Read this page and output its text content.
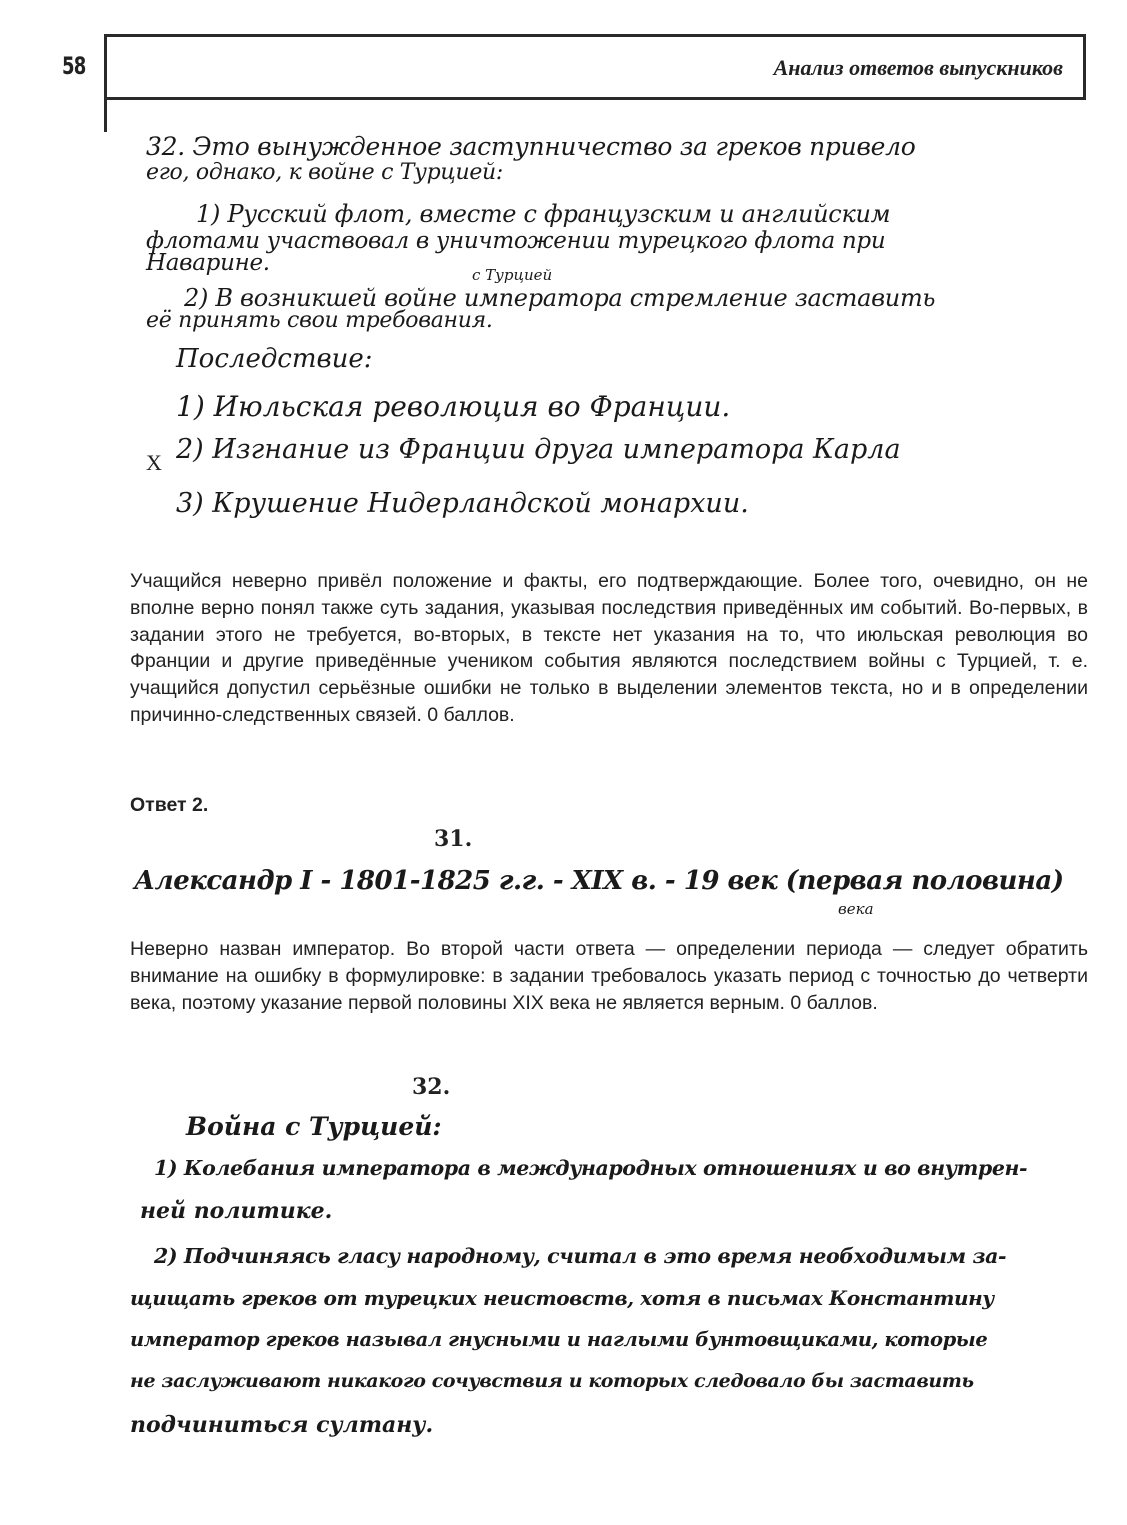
58	Анализ ответов выпускников
32. Это вынужденное заступничество за греков привело
его, однако, к войне с Турцией:
1) Русский флот, вместе с французским и английским
флотами участвовал в уничтожении турецкого флота при
Наварине.	с Турцией
2) В возникшей войне императора стремление заставить
её принять свои требования.
Последствие:
1) Июльская революция во Франции.
2) Изгнание из Франции друга императора Карла
X
3) Крушение Нидерландской монархии.

Учащийся неверно привёл положение и факты, его подтверждающие. Более того, очевидно, он не вполне верно понял также суть задания, указывая последствия приведённых им событий. Во-первых, в задании этого не требуется, во-вторых, в тексте нет указания на то, что июльская революция во Франции и другие приведённые учеником события являются последствием войны с Турцией, т. е. учащийся допустил серьёзные ошибки не только в выделении элементов текста, но и в определении причинно-следственных связей. 0 баллов.

Ответ 2.
31.
Александр I - 1801-1825 г.г. - XIX в. - 19 век (первая половина)
века

Неверно назван император. Во второй части ответа — определении периода — следует обратить внимание на ошибку в формулировке: в задании требовалось указать период с точностью до четверти века, поэтому указание первой половины XIX века не является верным. 0 баллов.

32.
Война с Турцией:
1) Колебания императора в международных отношениях и во внутрен-
ней политике.
2) Подчиняясь гласу народному, считал в это время необходимым за-
щищать греков от турецких неистовств, хотя в письмах Константину
император греков называл гнусными и наглыми бунтовщиками, которые
не заслуживают никакого сочувствия и которых следовало бы заставить
подчиниться султану.
